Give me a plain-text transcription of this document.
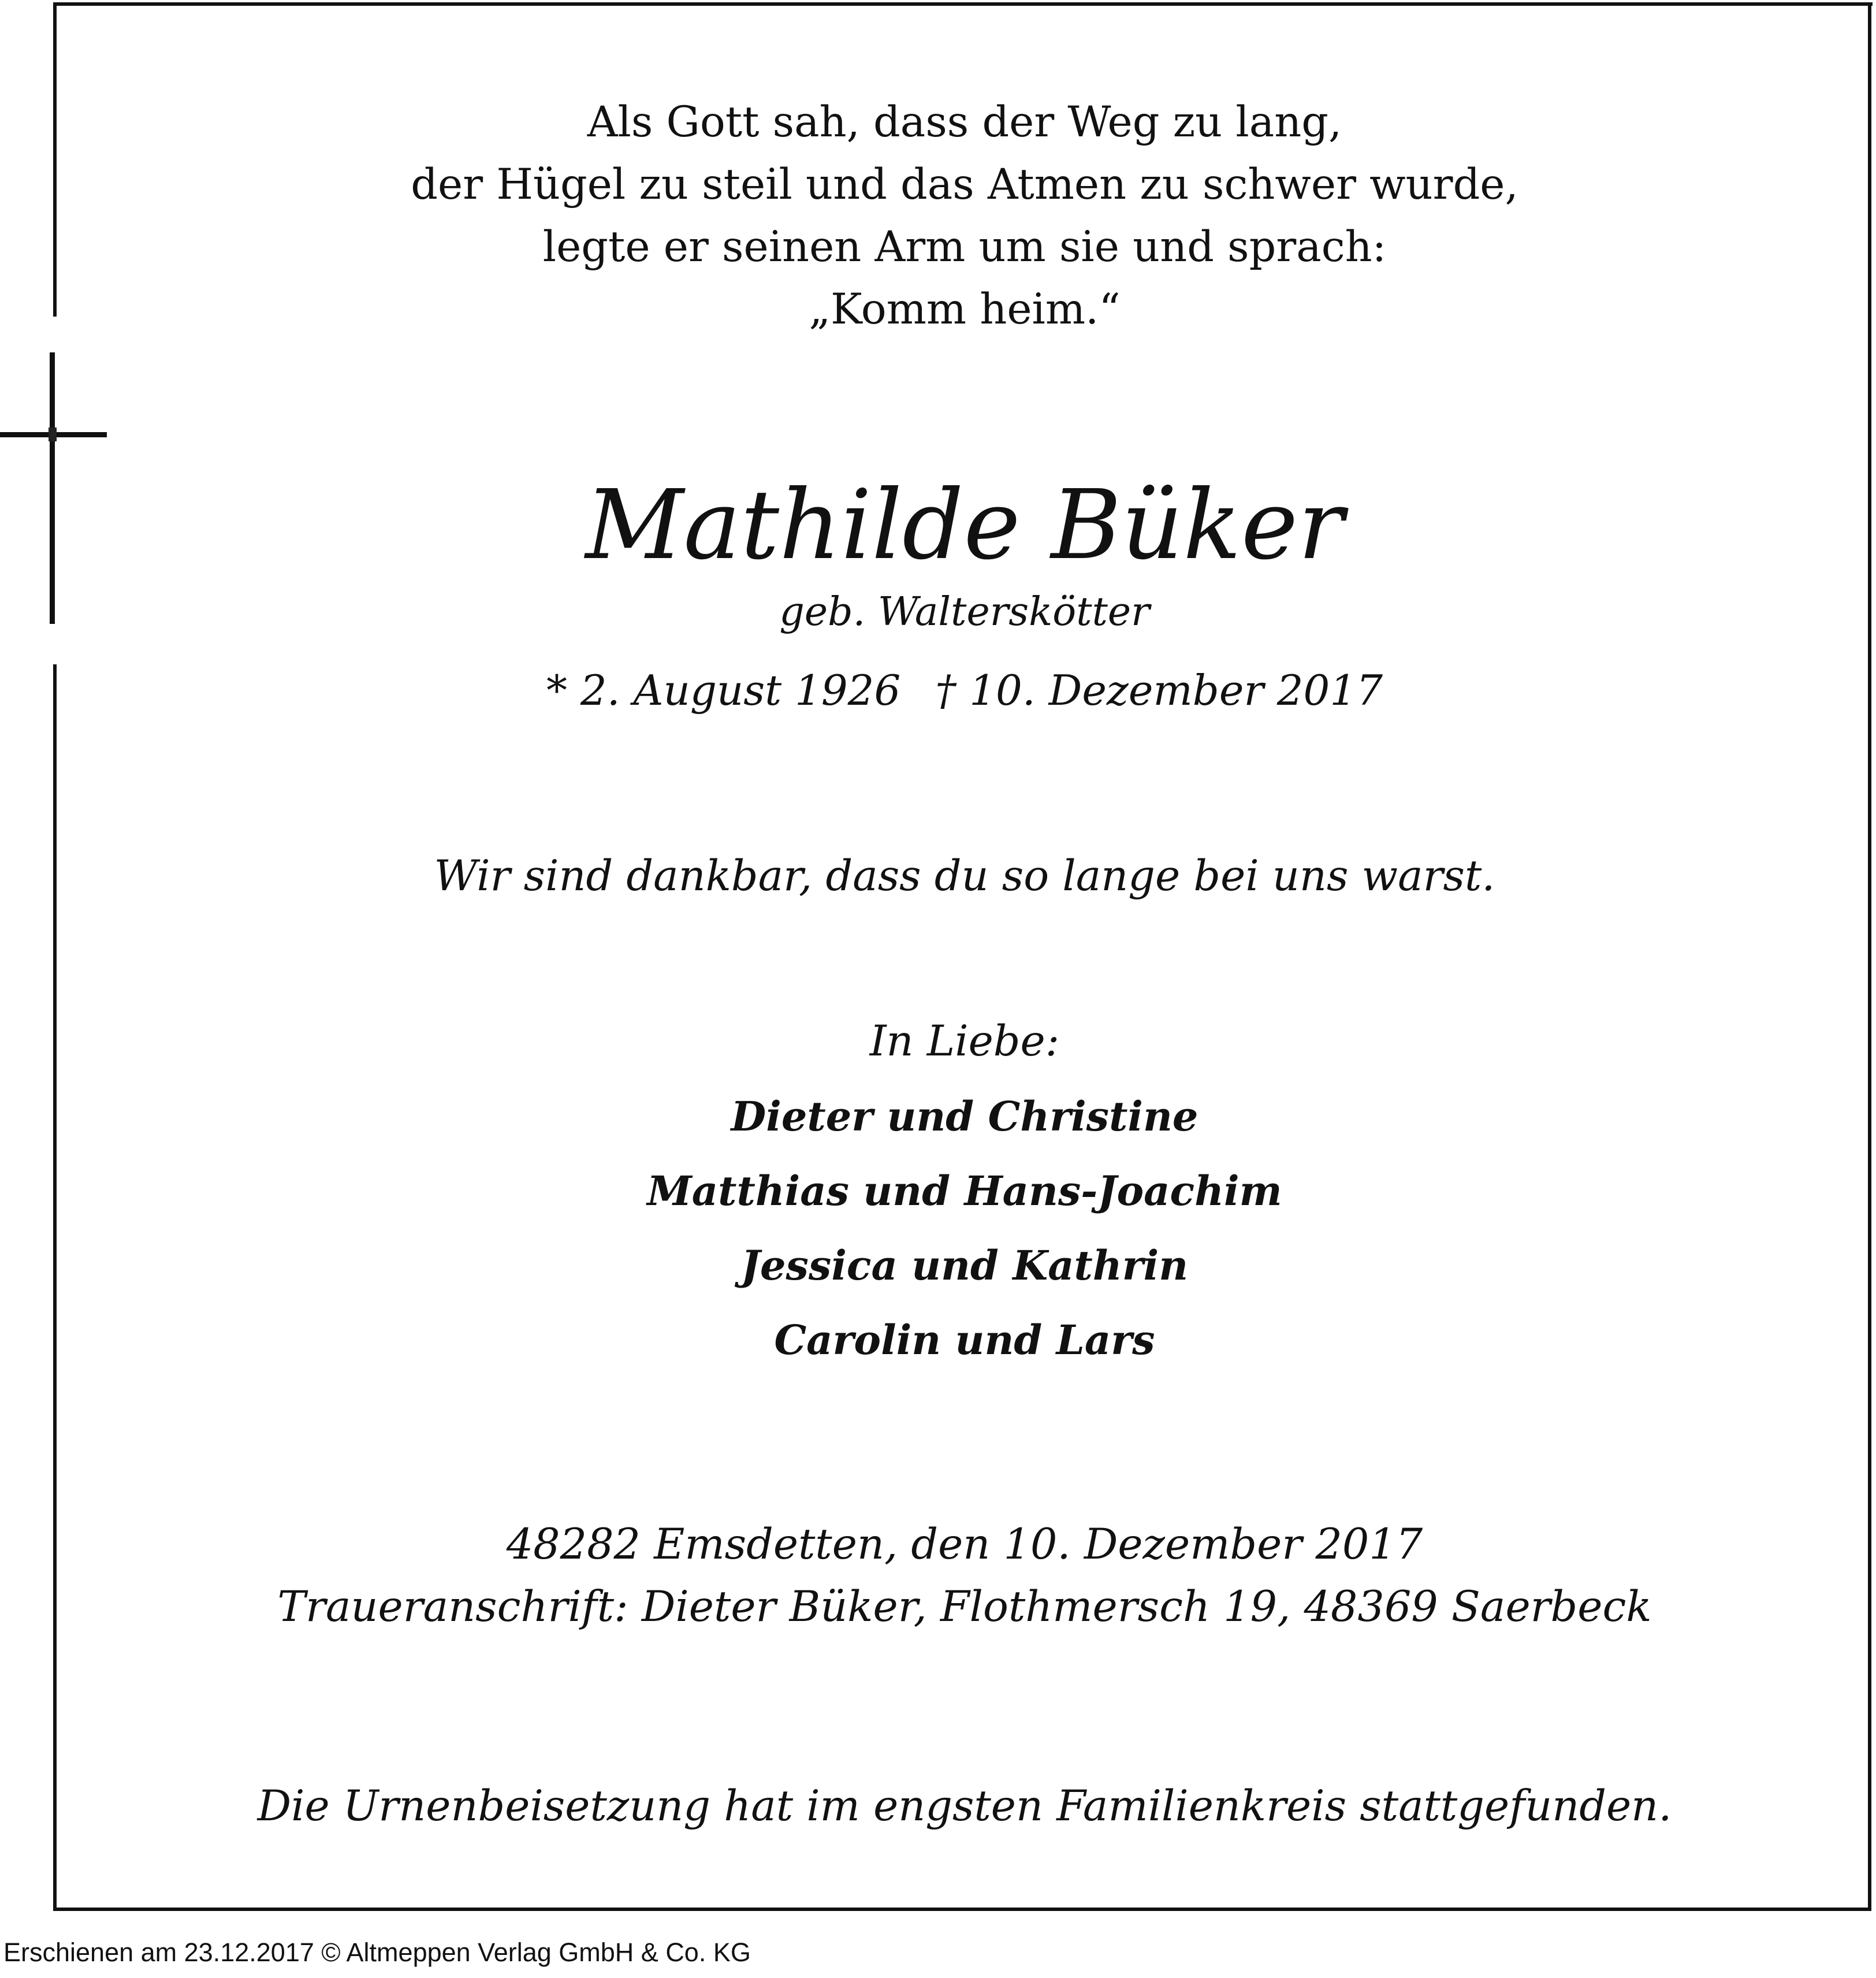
Als Gott sah, dass der Weg zu lang,
der Hügel zu steil und das Atmen zu schwer wurde,
legte er seinen Arm um sie und sprach:
„Komm heim.“
Mathilde Büker
geb. Walterskötter
* 2. August 1926 † 10. Dezember 2017
Wir sind dankbar, dass du so lange bei uns warst.
In Liebe:
Dieter und Christine
Matthias und Hans-Joachim
Jessica und Kathrin
Carolin und Lars
48282 Emsdetten, den 10. Dezember 2017
Traueranschrift: Dieter Büker, Flothmersch 19, 48369 Saerbeck
Die Urnenbeisetzung hat im engsten Familienkreis stattgefunden.
Erschienen am 23.12.2017 © Altmeppen Verlag GmbH & Co. KG
